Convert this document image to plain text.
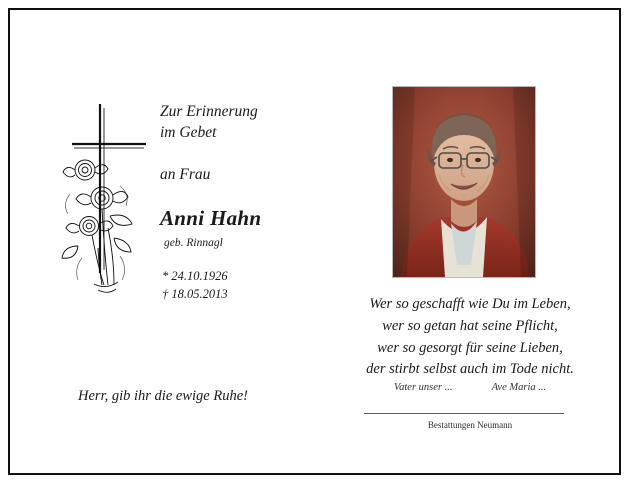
Zur Erinnerung
im Gebet

an Frau

Anni Hahn

geb. Rinnagl

* 24.10.1926
† 18.05.2013

Herr, gib ihr die ewige Ruhe!
Wer so geschafft wie Du im Leben,
wer so getan hat seine Pflicht,
wer so gesorgt für seine Lieben,
der stirbt selbst auch im Tode nicht.
Vater unser ...	Ave Maria ...
Bestattungen Neumann
